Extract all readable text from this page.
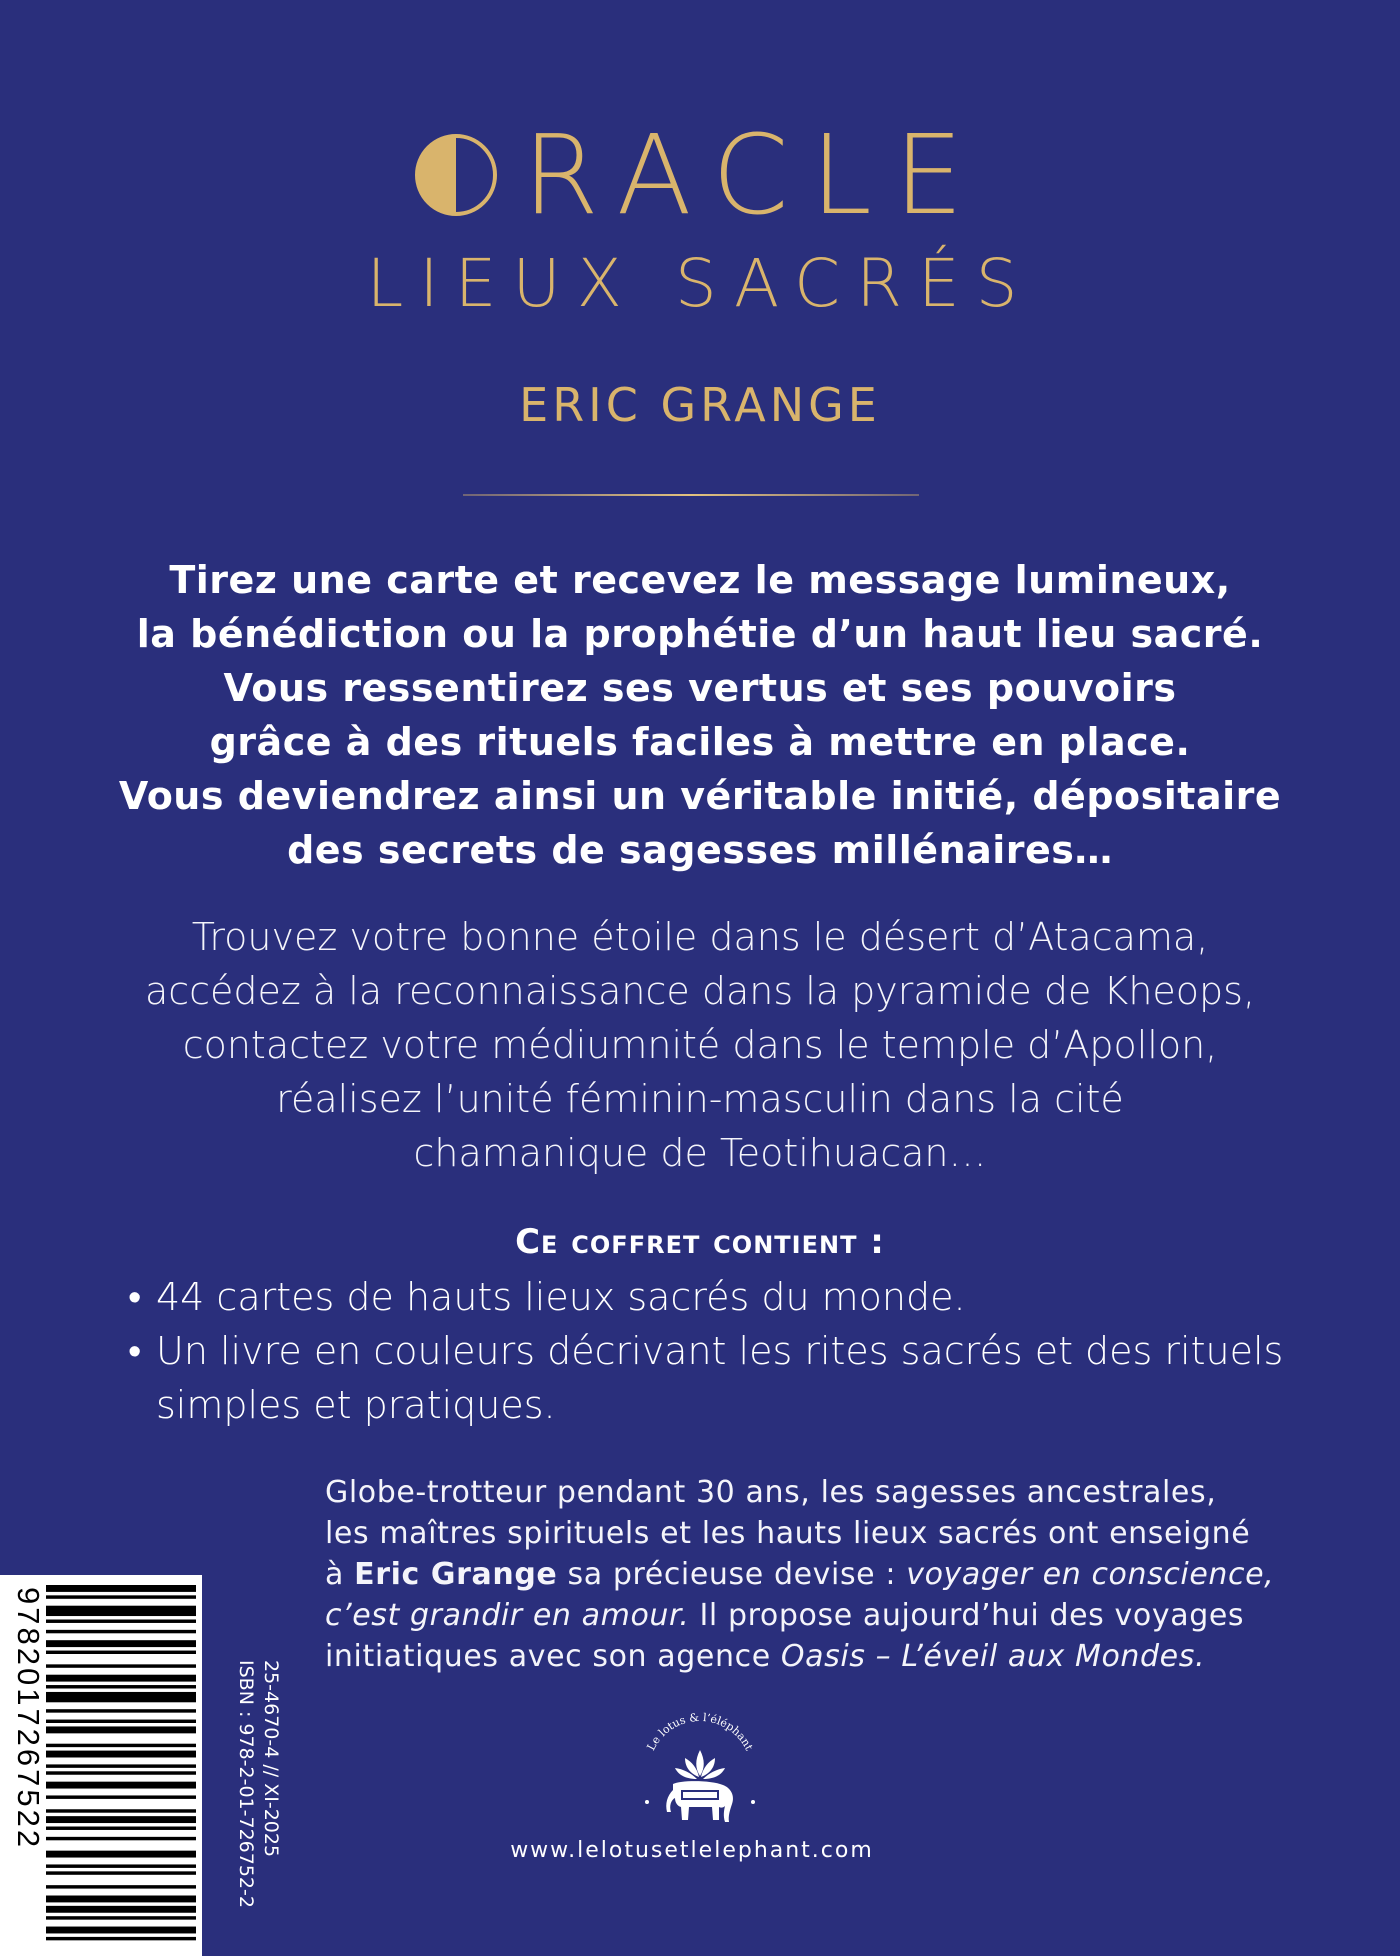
RACLE
LIEUX SACRÉS
ERIC GRANGE
Tirez une carte et recevez le message lumineux,
la bénédiction ou la prophétie d’un haut lieu sacré.
Vous ressentirez ses vertus et ses pouvoirs
grâce à des rituels faciles à mettre en place.
Vous deviendrez ainsi un véritable initié, dépositaire
des secrets de sagesses millénaires…
Trouvez votre bonne étoile dans le désert d’Atacama,
accédez à la reconnaissance dans la pyramide de Kheops,
contactez votre médiumnité dans le temple d’Apollon,
réalisez l’unité féminin-masculin dans la cité
chamanique de Teotihuacan…
Ce coffret contient :
• 44 cartes de hauts lieux sacrés du monde.
• Un livre en couleurs décrivant les rites sacrés et des rituels
simples et pratiques.
Globe-trotteur pendant 30 ans, les sagesses ancestrales,
les maîtres spirituels et les hauts lieux sacrés ont enseigné
à Eric Grange sa précieuse devise : voyager en conscience,
c’est grandir en amour. Il propose aujourd’hui des voyages
initiatiques avec son agence Oasis – L’éveil aux Mondes.
9782017267522	25-4670-4 // XI-2025
ISBN : 978-2-01-726752-2	Le lotus & l’éléphant
www.lelotusetlelephant.com
